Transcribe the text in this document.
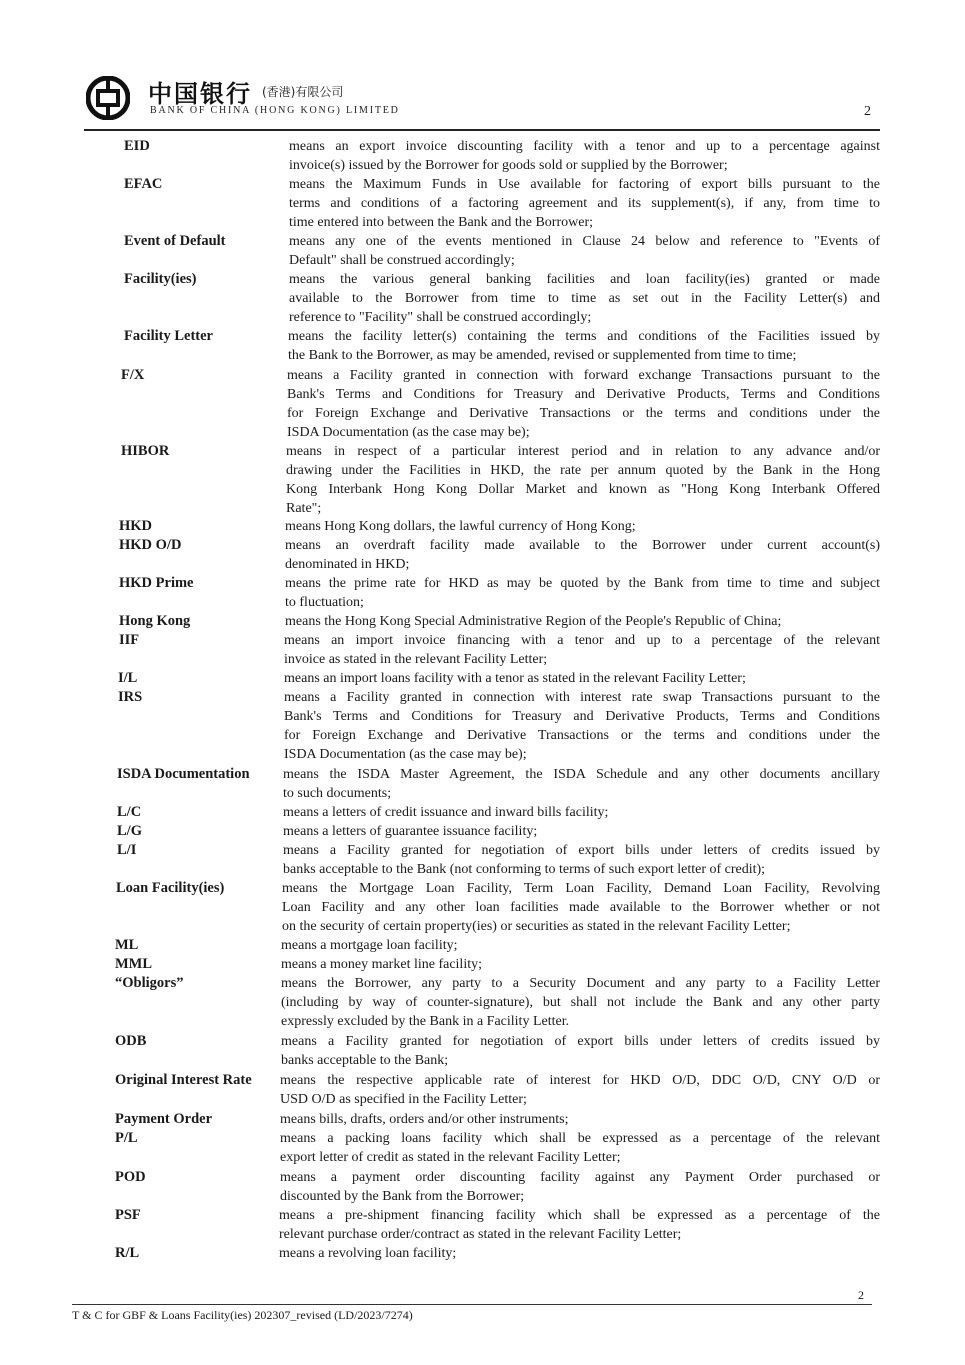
中国银行 (香港)有限公司
BANK OF CHINA (HONG KONG) LIMITED	2
EID	means an export invoice discounting facility with a tenor and up to a percentage against
invoice(s) issued by the Borrower for goods sold or supplied by the Borrower;
EFAC	means the Maximum Funds in Use available for factoring of export bills pursuant to the
terms and conditions of a factoring agreement and its supplement(s), if any, from time to
time entered into between the Bank and the Borrower;
Event of Default	means any one of the events mentioned in Clause 24 below and reference to "Events of
Default" shall be construed accordingly;
Facility(ies)	means the various general banking facilities and loan facility(ies) granted or made
available to the Borrower from time to time as set out in the Facility Letter(s) and
reference to "Facility" shall be construed accordingly;
Facility Letter	means the facility letter(s) containing the terms and conditions of the Facilities issued by
the Bank to the Borrower, as may be amended, revised or supplemented from time to time;
F/X	means a Facility granted in connection with forward exchange Transactions pursuant to the
Bank's Terms and Conditions for Treasury and Derivative Products, Terms and Conditions
for Foreign Exchange and Derivative Transactions or the terms and conditions under the
ISDA Documentation (as the case may be);
HIBOR	means in respect of a particular interest period and in relation to any advance and/or
drawing under the Facilities in HKD, the rate per annum quoted by the Bank in the Hong
Kong Interbank Hong Kong Dollar Market and known as "Hong Kong Interbank Offered
Rate";
HKD	means Hong Kong dollars, the lawful currency of Hong Kong;
HKD O/D	means an overdraft facility made available to the Borrower under current account(s)
denominated in HKD;
HKD Prime	means the prime rate for HKD as may be quoted by the Bank from time to time and subject
to fluctuation;
Hong Kong	means the Hong Kong Special Administrative Region of the People's Republic of China;
IIF	means an import invoice financing with a tenor and up to a percentage of the relevant
invoice as stated in the relevant Facility Letter;
I/L	means an import loans facility with a tenor as stated in the relevant Facility Letter;
IRS	means a Facility granted in connection with interest rate swap Transactions pursuant to the
Bank's Terms and Conditions for Treasury and Derivative Products, Terms and Conditions
for Foreign Exchange and Derivative Transactions or the terms and conditions under the
ISDA Documentation (as the case may be);
ISDA Documentation means the ISDA Master Agreement, the ISDA Schedule and any other documents ancillary
to such documents;
L/C	means a letters of credit issuance and inward bills facility;
L/G	means a letters of guarantee issuance facility;
L/I	means a Facility granted for negotiation of export bills under letters of credits issued by
banks acceptable to the Bank (not conforming to terms of such export letter of credit);
Loan Facility(ies)	means the Mortgage Loan Facility, Term Loan Facility, Demand Loan Facility, Revolving
Loan Facility and any other loan facilities made available to the Borrower whether or not
on the security of certain property(ies) or securities as stated in the relevant Facility Letter;
ML	means a mortgage loan facility;
MML	means a money market line facility;
“Obligors”	means the Borrower, any party to a Security Document and any party to a Facility Letter
(including by way of counter-signature), but shall not include the Bank and any other party
expressly excluded by the Bank in a Facility Letter.
ODB	means a Facility granted for negotiation of export bills under letters of credits issued by
banks acceptable to the Bank;
Original Interest Rate means the respective applicable rate of interest for HKD O/D, DDC O/D, CNY O/D or
USD O/D as specified in the Facility Letter;
Payment Order	means bills, drafts, orders and/or other instruments;
P/L	means a packing loans facility which shall be expressed as a percentage of the relevant
export letter of credit as stated in the relevant Facility Letter;
POD	means a payment order discounting facility against any Payment Order purchased or
discounted by the Bank from the Borrower;
PSF	means a pre-shipment financing facility which shall be expressed as a percentage of the
relevant purchase order/contract as stated in the relevant Facility Letter;
R/L	means a revolving loan facility;
2
T & C for GBF & Loans Facility(ies) 202307_revised (LD/2023/7274)
